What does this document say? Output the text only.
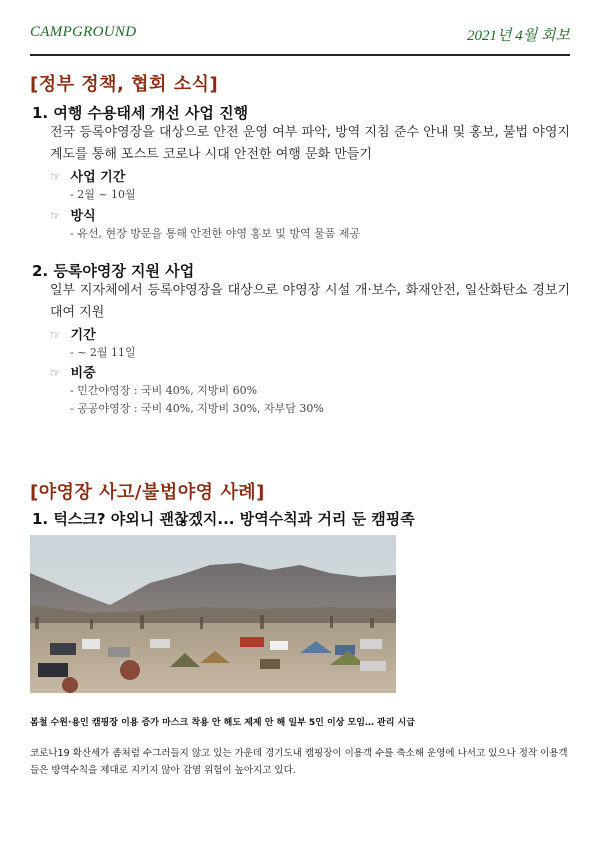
CAMPGROUND	2021년 4월 회보
[정부 정책, 협회 소식]
1. 여행 수용태세 개선 사업 진행
전국 등록야영장을 대상으로 안전 운영 여부 파악, 방역 지침 준수 안내 및 홍보, 불법 야영지 계도를 통해 포스트 코로나 시대 안전한 여행 문화 만들기
☞ 사업 기간
- 2월 ~ 10월
☞ 방식
- 유선, 현장 방문을 통해 안전한 야영 홍보 및 방역 물품 제공
2. 등록야영장 지원 사업
일부 지자체에서 등록야영장을 대상으로 야영장 시설 개·보수, 화재안전, 일산화탄소 경보기 대여 지원
☞ 기간
- ~ 2월 11일
☞ 비중
- 민간야영장 : 국비 40%, 지방비 60%
- 공공야영장 : 국비 40%, 지방비 30%, 자부담 30%
[야영장 사고/불법야영 사례]
1. 턱스크? 야외니 괜찮겠지... 방역수칙과 거리 둔 캠핑족
봄철 수원·용인 캠핑장 이용 증가 마스크 착용 안 해도 제제 안 해 일부 5인 이상 모임… 관리 시급
코로나19 확산세가 좀처럼 수그러들지 않고 있는 가운데 경기도내 캠핑장이 이용객 수를 축소해 운영에 나서고 있으나 정작 이용객들은 방역수칙을 제대로 지키지 않아 감염 위험이 높아지고 있다.
